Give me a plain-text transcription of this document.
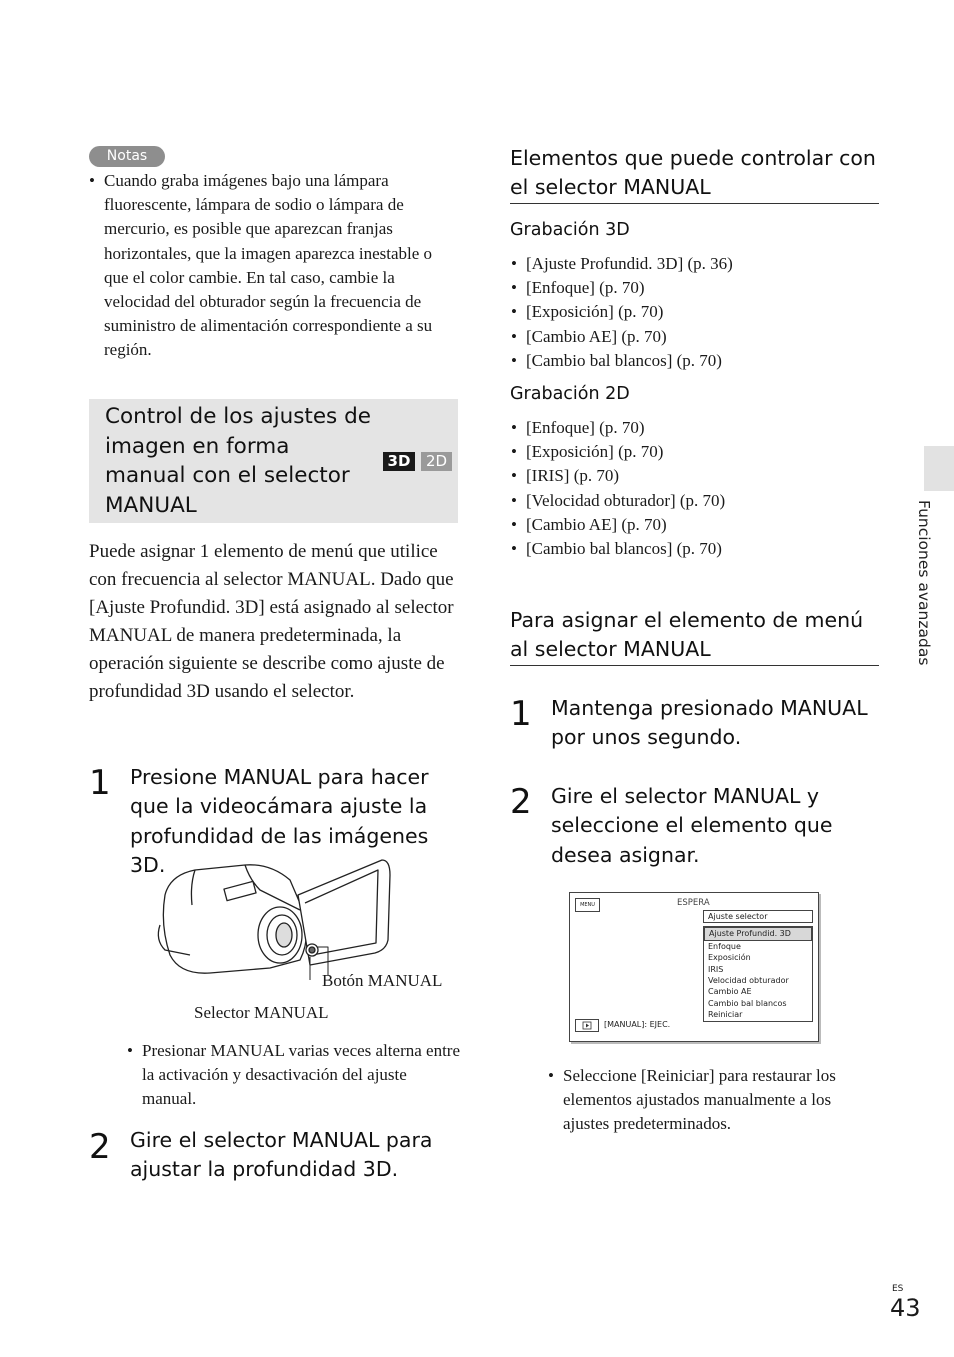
Notas
• Cuando graba imágenes bajo una lámpara fluorescente, lámpara de sodio o lámpara de mercurio, es posible que aparezcan franjas horizontales, que la imagen aparezca inestable o que el color cambie. En tal caso, cambie la velocidad del obturador según la frecuencia de suministro de alimentación correspondiente a su región.
Control de los ajustes de imagen en forma manual con el selector MANUAL
3D	2D

Puede asignar 1 elemento de menú que utilice con frecuencia al selector MANUAL. Dado que [Ajuste Profundid. 3D] está asignado al selector MANUAL de manera predeterminada, la operación siguiente se describe como ajuste de profundidad 3D usando el selector.

1 Presione MANUAL para hacer que la videocámara ajuste la profundidad de las imágenes 3D.

Botón MANUAL
Selector MANUAL
• Presionar MANUAL varias veces alterna entre la activación y desactivación del ajuste manual.
2 Gire el selector MANUAL para ajustar la profundidad 3D.

Elementos que puede controlar con el selector MANUAL
Grabación 3D
• [Ajuste Profundid. 3D] (p. 36)
• [Enfoque] (p. 70)
• [Exposición] (p. 70)
• [Cambio AE] (p. 70)
• [Cambio bal blancos] (p. 70)
Grabación 2D
• [Enfoque] (p. 70)
• [Exposición] (p. 70)
• [IRIS] (p. 70)
• [Velocidad obturador] (p. 70)
• [Cambio AE] (p. 70)
• [Cambio bal blancos] (p. 70)
Para asignar el elemento de menú al selector MANUAL
1 Mantenga presionado MANUAL por unos segundo.

2 Gire el selector MANUAL y seleccione el elemento que desea asignar.

MENU	ESPERA
Ajuste selector
Ajuste Profundid. 3D
Enfoque
Exposición
IRIS
Velocidad obturador
Cambio AE
Cambio bal blancos
Reiniciar
[MANUAL]: EJEC.
• Seleccione [Reiniciar] para restaurar los elementos ajustados manualmente a los ajustes predeterminados.
Funciones avanzadas
ES
43
